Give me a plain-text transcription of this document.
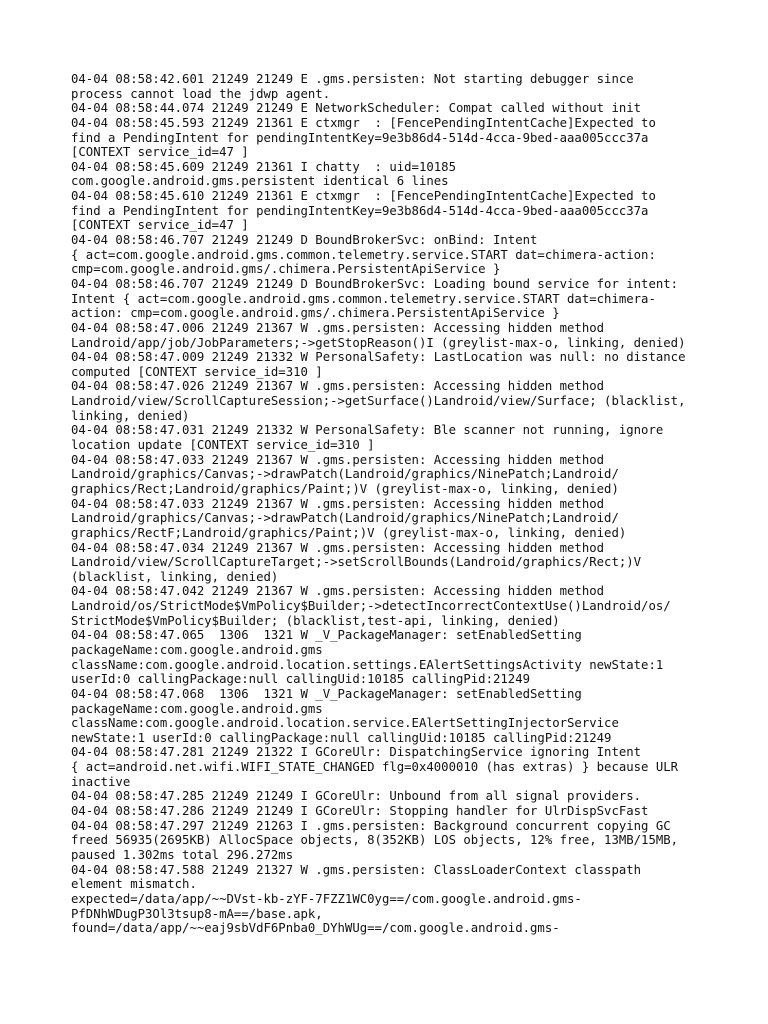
04-04 08:58:42.601 21249 21249 E .gms.persisten: Not starting debugger since
process cannot load the jdwp agent.
04-04 08:58:44.074 21249 21249 E NetworkScheduler: Compat called without init
04-04 08:58:45.593 21249 21361 E ctxmgr  : [FencePendingIntentCache]Expected to
find a PendingIntent for pendingIntentKey=9e3b86d4-514d-4cca-9bed-aaa005ccc37a
[CONTEXT service_id=47 ]
04-04 08:58:45.609 21249 21361 I chatty  : uid=10185
com.google.android.gms.persistent identical 6 lines
04-04 08:58:45.610 21249 21361 E ctxmgr  : [FencePendingIntentCache]Expected to
find a PendingIntent for pendingIntentKey=9e3b86d4-514d-4cca-9bed-aaa005ccc37a
[CONTEXT service_id=47 ]
04-04 08:58:46.707 21249 21249 D BoundBrokerSvc: onBind: Intent
{ act=com.google.android.gms.common.telemetry.service.START dat=chimera-action:
cmp=com.google.android.gms/.chimera.PersistentApiService }
04-04 08:58:46.707 21249 21249 D BoundBrokerSvc: Loading bound service for intent:
Intent { act=com.google.android.gms.common.telemetry.service.START dat=chimera-
action: cmp=com.google.android.gms/.chimera.PersistentApiService }
04-04 08:58:47.006 21249 21367 W .gms.persisten: Accessing hidden method
Landroid/app/job/JobParameters;->getStopReason()I (greylist-max-o, linking, denied)
04-04 08:58:47.009 21249 21332 W PersonalSafety: LastLocation was null: no distance
computed [CONTEXT service_id=310 ]
04-04 08:58:47.026 21249 21367 W .gms.persisten: Accessing hidden method
Landroid/view/ScrollCaptureSession;->getSurface()Landroid/view/Surface; (blacklist,
linking, denied)
04-04 08:58:47.031 21249 21332 W PersonalSafety: Ble scanner not running, ignore
location update [CONTEXT service_id=310 ]
04-04 08:58:47.033 21249 21367 W .gms.persisten: Accessing hidden method
Landroid/graphics/Canvas;->drawPatch(Landroid/graphics/NinePatch;Landroid/
graphics/Rect;Landroid/graphics/Paint;)V (greylist-max-o, linking, denied)
04-04 08:58:47.033 21249 21367 W .gms.persisten: Accessing hidden method
Landroid/graphics/Canvas;->drawPatch(Landroid/graphics/NinePatch;Landroid/
graphics/RectF;Landroid/graphics/Paint;)V (greylist-max-o, linking, denied)
04-04 08:58:47.034 21249 21367 W .gms.persisten: Accessing hidden method
Landroid/view/ScrollCaptureTarget;->setScrollBounds(Landroid/graphics/Rect;)V
(blacklist, linking, denied)
04-04 08:58:47.042 21249 21367 W .gms.persisten: Accessing hidden method
Landroid/os/StrictMode$VmPolicy$Builder;->detectIncorrectContextUse()Landroid/os/
StrictMode$VmPolicy$Builder; (blacklist,test-api, linking, denied)
04-04 08:58:47.065  1306  1321 W _V_PackageManager: setEnabledSetting
packageName:com.google.android.gms
className:com.google.android.location.settings.EAlertSettingsActivity newState:1
userId:0 callingPackage:null callingUid:10185 callingPid:21249
04-04 08:58:47.068  1306  1321 W _V_PackageManager: setEnabledSetting
packageName:com.google.android.gms
className:com.google.android.location.service.EAlertSettingInjectorService
newState:1 userId:0 callingPackage:null callingUid:10185 callingPid:21249
04-04 08:58:47.281 21249 21322 I GCoreUlr: DispatchingService ignoring Intent
{ act=android.net.wifi.WIFI_STATE_CHANGED flg=0x4000010 (has extras) } because ULR
inactive
04-04 08:58:47.285 21249 21249 I GCoreUlr: Unbound from all signal providers.
04-04 08:58:47.286 21249 21249 I GCoreUlr: Stopping handler for UlrDispSvcFast
04-04 08:58:47.297 21249 21263 I .gms.persisten: Background concurrent copying GC
freed 56935(2695KB) AllocSpace objects, 8(352KB) LOS objects, 12% free, 13MB/15MB,
paused 1.302ms total 296.272ms
04-04 08:58:47.588 21249 21327 W .gms.persisten: ClassLoaderContext classpath
element mismatch.
expected=/data/app/~~DVst-kb-zYF-7FZZ1WC0yg==/com.google.android.gms-
PfDNhWDugP3Ol3tsup8-mA==/base.apk,
found=/data/app/~~eaj9sbVdF6Pnba0_DYhWUg==/com.google.android.gms-
